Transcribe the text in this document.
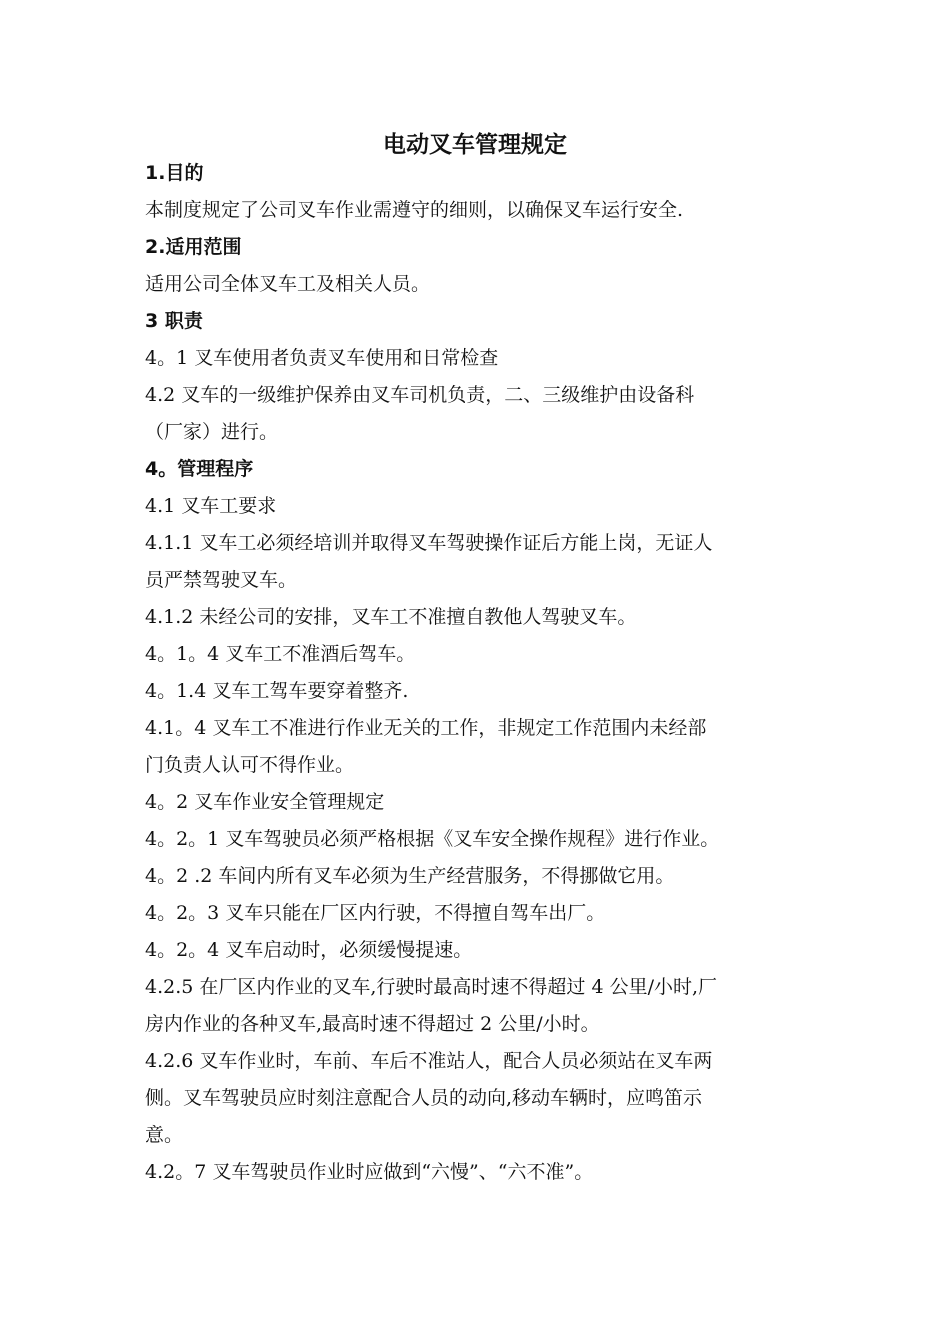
电动叉车管理规定
1.目的
本制度规定了公司叉车作业需遵守的细则，以确保叉车运行安全.
2.适用范围
适用公司全体叉车工及相关人员。
3 职责
4。1 叉车使用者负责叉车使用和日常检查
4.2 叉车的一级维护保养由叉车司机负责，二、三级维护由设备科
（厂家）进行。
4。管理程序
4.1 叉车工要求
4.1.1 叉车工必须经培训并取得叉车驾驶操作证后方能上岗，无证人
员严禁驾驶叉车。
4.1.2 未经公司的安排，叉车工不准擅自教他人驾驶叉车。
4。1。4 叉车工不准酒后驾车。
4。1.4 叉车工驾车要穿着整齐.
4.1。4 叉车工不准进行作业无关的工作，非规定工作范围内未经部
门负责人认可不得作业。
4。2 叉车作业安全管理规定
4。2。1 叉车驾驶员必须严格根据《叉车安全操作规程》进行作业。
4。2 .2 车间内所有叉车必须为生产经营服务，不得挪做它用。
4。2。3 叉车只能在厂区内行驶，不得擅自驾车出厂。
4。2。4 叉车启动时，必须缓慢提速。
4.2.5 在厂区内作业的叉车,行驶时最高时速不得超过 4 公里/小时,厂
房内作业的各种叉车,最高时速不得超过 2 公里/小时。
4.2.6 叉车作业时，车前、车后不准站人，配合人员必须站在叉车两
侧。叉车驾驶员应时刻注意配合人员的动向,移动车辆时，应鸣笛示
意。
4.2。7 叉车驾驶员作业时应做到“六慢”、“六不准”。
